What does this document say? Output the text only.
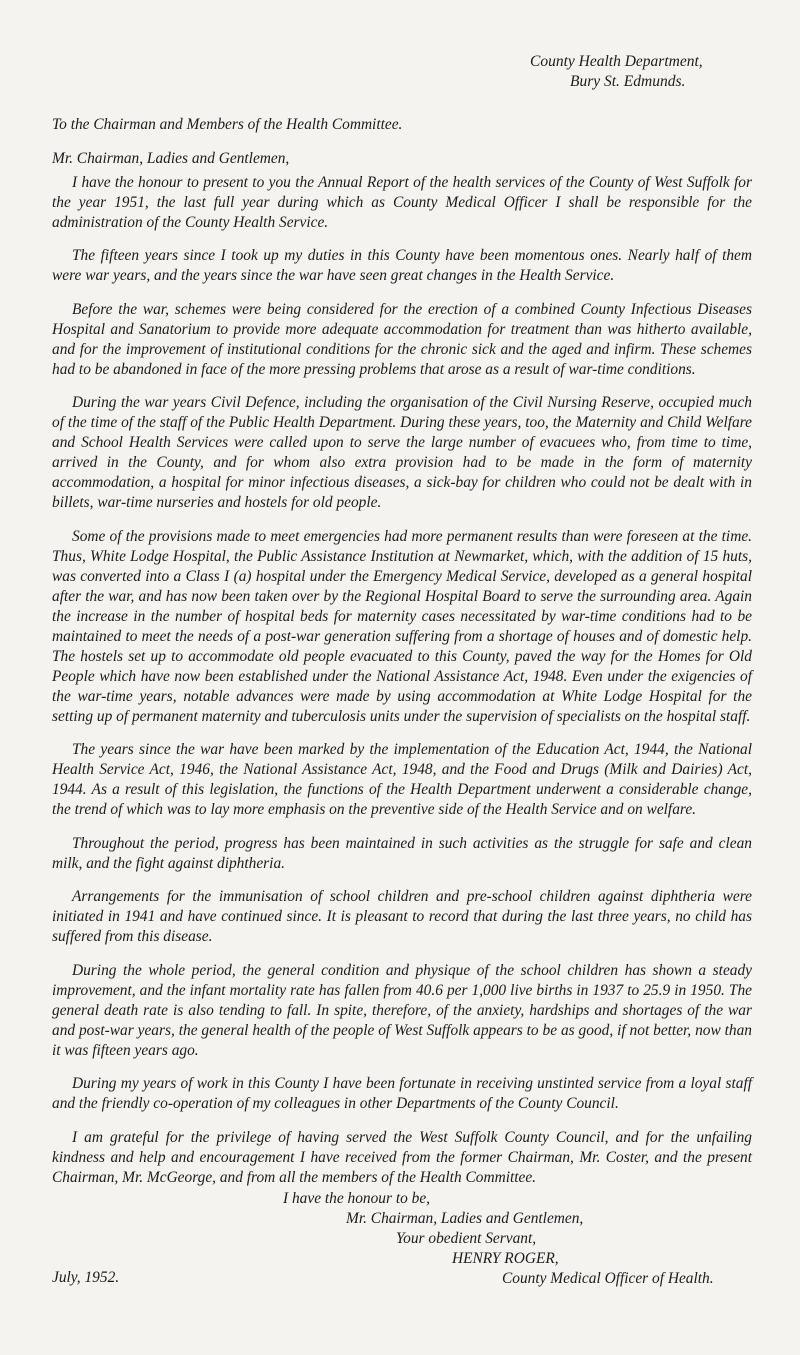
County Health Department,
Bury St. Edmunds.

To the Chairman and Members of the Health Committee.

Mr. Chairman, Ladies and Gentlemen,

I have the honour to present to you the Annual Report of the health services of the County of West Suffolk for the year 1951, the last full year during which as County Medical Officer I shall be responsible for the administration of the County Health Service.

The fifteen years since I took up my duties in this County have been momentous ones. Nearly half of them were war years, and the years since the war have seen great changes in the Health Service.

Before the war, schemes were being considered for the erection of a combined County Infectious Diseases Hospital and Sanatorium to provide more adequate accommodation for treatment than was hitherto available, and for the improvement of institutional conditions for the chronic sick and the aged and infirm. These schemes had to be abandoned in face of the more pressing problems that arose as a result of war-time conditions.

During the war years Civil Defence, including the organisation of the Civil Nursing Reserve, occupied much of the time of the staff of the Public Health Department. During these years, too, the Maternity and Child Welfare and School Health Services were called upon to serve the large number of evacuees who, from time to time, arrived in the County, and for whom also extra provision had to be made in the form of maternity accommodation, a hospital for minor infectious diseases, a sick-bay for children who could not be dealt with in billets, war-time nurseries and hostels for old people.

Some of the provisions made to meet emergencies had more permanent results than were foreseen at the time. Thus, White Lodge Hospital, the Public Assistance Institution at Newmarket, which, with the addition of 15 huts, was converted into a Class I (a) hospital under the Emergency Medical Service, developed as a general hospital after the war, and has now been taken over by the Regional Hospital Board to serve the surrounding area. Again the increase in the number of hospital beds for maternity cases necessitated by war-time conditions had to be maintained to meet the needs of a post-war generation suffering from a shortage of houses and of domestic help. The hostels set up to accommodate old people evacuated to this County, paved the way for the Homes for Old People which have now been established under the National Assistance Act, 1948. Even under the exigencies of the war-time years, notable advances were made by using accommodation at White Lodge Hospital for the setting up of permanent maternity and tuberculosis units under the supervision of specialists on the hospital staff.

The years since the war have been marked by the implementation of the Education Act, 1944, the National Health Service Act, 1946, the National Assistance Act, 1948, and the Food and Drugs (Milk and Dairies) Act, 1944. As a result of this legislation, the functions of the Health Department underwent a considerable change, the trend of which was to lay more emphasis on the preventive side of the Health Service and on welfare.

Throughout the period, progress has been maintained in such activities as the struggle for safe and clean milk, and the fight against diphtheria.

Arrangements for the immunisation of school children and pre-school children against diphtheria were initiated in 1941 and have continued since. It is pleasant to record that during the last three years, no child has suffered from this disease.

During the whole period, the general condition and physique of the school children has shown a steady improvement, and the infant mortality rate has fallen from 40.6 per 1,000 live births in 1937 to 25.9 in 1950. The general death rate is also tending to fall. In spite, therefore, of the anxiety, hardships and shortages of the war and post-war years, the general health of the people of West Suffolk appears to be as good, if not better, now than it was fifteen years ago.

During my years of work in this County I have been fortunate in receiving unstinted service from a loyal staff and the friendly co-operation of my colleagues in other Departments of the County Council.

I am grateful for the privilege of having served the West Suffolk County Council, and for the unfailing kindness and help and encouragement I have received from the former Chairman, Mr. Coster, and the present Chairman, Mr. McGeorge, and from all the members of the Health Committee.

I have the honour to be,
Mr. Chairman, Ladies and Gentlemen,
Your obedient Servant,
HENRY ROGER,
County Medical Officer of Health.
July, 1952.
